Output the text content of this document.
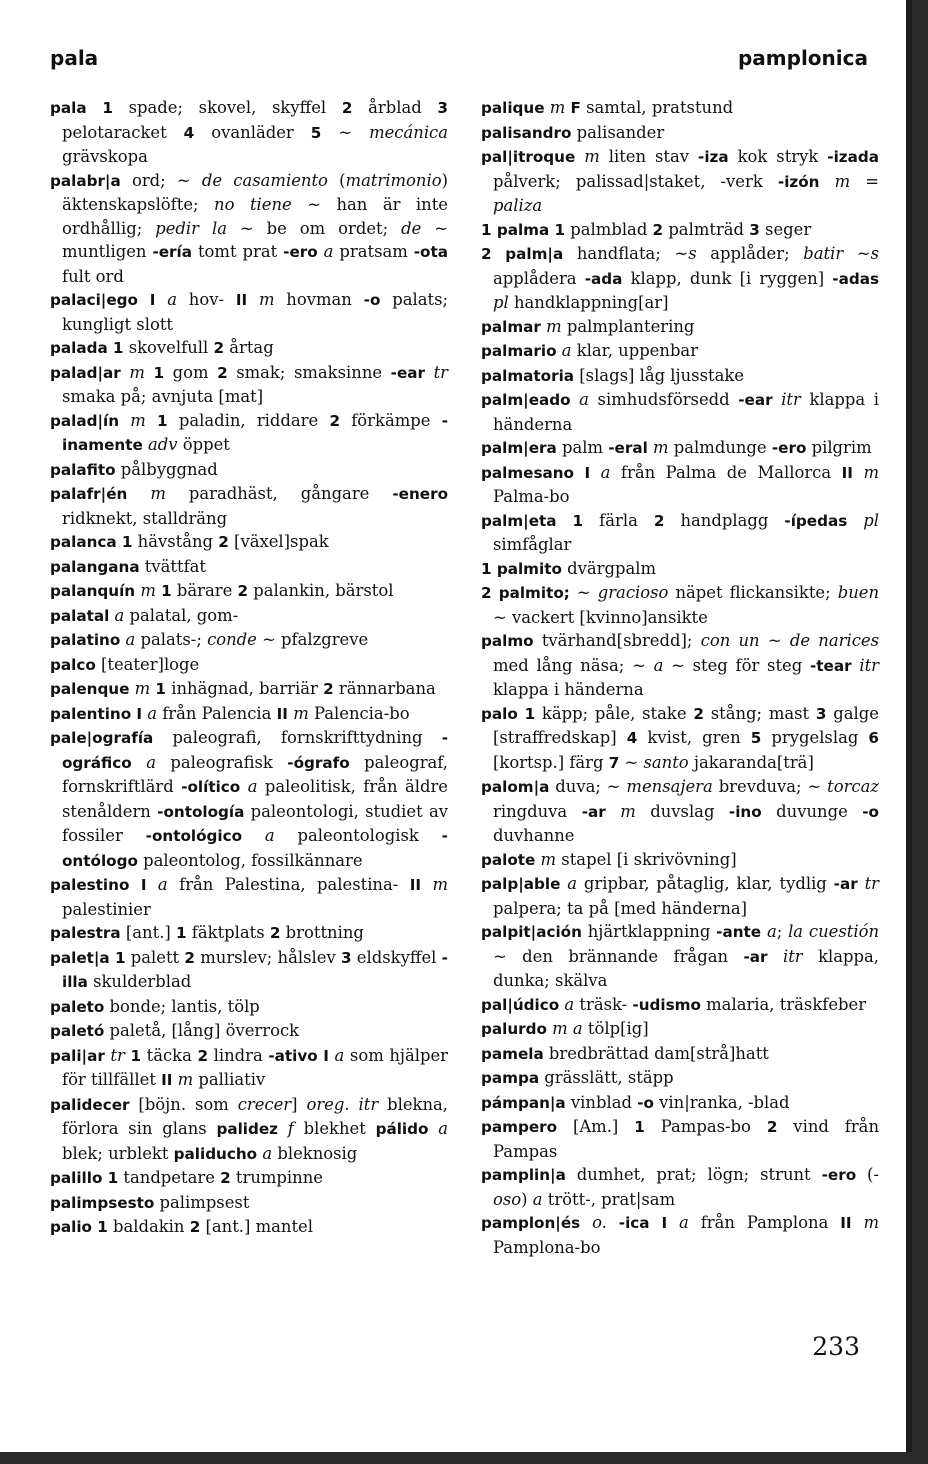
pala	pamplonica

pala 1 spade; skovel, skyffel 2 årblad 3 pelotaracket 4 ovanläder 5 ~ mecánica grävskopa

palabr|a ord; ~ de casamiento (matrimonio) äktenskapslöfte; no tiene ~ han är inte ordhållig; pedir la ~ be om ordet; de ~ muntligen -ería tomt prat -ero a pratsam -ota fult ord

palaci|ego I a hov- II m hovman -o palats; kungligt slott

palada 1 skovelfull 2 årtag

palad|ar m 1 gom 2 smak; smaksinne -ear tr smaka på; avnjuta [mat]

palad|ín m 1 paladin, riddare 2 förkämpe -inamente adv öppet

palafito pålbyggnad

palafr|én m paradhäst, gångare -enero ridknekt, stalldräng

palanca 1 hävstång 2 [växel]spak

palangana tvättfat

palanquín m 1 bärare 2 palankin, bärstol

palatal a palatal, gom-

palatino a palats-; conde ~ pfalzgreve

palco [teater]loge

palenque m 1 inhägnad, barriär 2 rännarbana

palentino I a från Palencia II m Palencia-bo

pale|ografía paleografi, fornskrifttydning -ográfico a paleografisk -ógrafo paleograf, fornskriftlärd -olítico a paleolitisk, från äldre stenåldern -ontología paleontologi, studiet av fossiler -ontológico a paleontologisk -ontólogo paleontolog, fossilkännare

palestino I a från Palestina, palestina- II m palestinier

palestra [ant.] 1 fäktplats 2 brottning

palet|a 1 palett 2 murslev; hålslev 3 eldskyffel -illa skulderblad

paleto bonde; lantis, tölp

paletó paletå, [lång] överrock

pali|ar tr 1 täcka 2 lindra -ativo I a som hjälper för tillfället II m palliativ

palidecer [böjn. som crecer] oreg. itr blekna, förlora sin glans palidez f blekhet pálido a blek; urblekt paliducho a bleknosig

palillo 1 tandpetare 2 trumpinne

palimpsesto palimpsest

palio 1 baldakin 2 [ant.] mantel

palique m F samtal, pratstund

palisandro palisander

pal|itroque m liten stav -iza kok stryk -izada pålverk; palissad|staket, -verk -izón m = paliza

1 palma 1 palmblad 2 palmträd 3 seger

2 palm|a handflata; ~s applåder; batir ~s applådera -ada klapp, dunk [i ryggen] -adas pl handklappning[ar]

palmar m palmplantering

palmario a klar, uppenbar

palmatoria [slags] låg ljusstake

palm|eado a simhudsförsedd -ear itr klappa i händerna

palm|era palm -eral m palmdunge -ero pilgrim

palmesano I a från Palma de Mallorca II m Palma-bo

palm|eta 1 färla 2 handplagg -ípedas pl simfåglar

1 palmito dvärgpalm

2 palmito; ~ gracioso näpet flickansikte; buen ~ vackert [kvinno]ansikte

palmo tvärhand[sbredd]; con un ~ de narices med lång näsa; ~ a ~ steg för steg -tear itr klappa i händerna

palo 1 käpp; påle, stake 2 stång; mast 3 galge [straffredskap] 4 kvist, gren 5 prygelslag 6 [kortsp.] färg 7 ~ santo jakaranda[trä]

palom|a duva; ~ mensajera brevduva; ~ torcaz ringduva -ar m duvslag -ino duvunge -o duvhanne

palote m stapel [i skrivövning]

palp|able a gripbar, påtaglig, klar, tydlig -ar tr palpera; ta på [med händerna]

palpit|ación hjärtklappning -ante a; la cuestión ~ den brännande frågan -ar itr klappa, dunka; skälva

pal|údico a träsk- -udismo malaria, träskfeber

palurdo m a tölp[ig]

pamela bredbrättad dam[strå]hatt

pampa grässlätt, stäpp

pámpan|a vinblad -o vin|ranka, -blad

pampero [Am.] 1 Pampas-bo 2 vind från Pampas

pamplin|a dumhet, prat; lögn; strunt -ero (-oso) a trött-, prat|sam

pamplon|és o. -ica I a från Pamplona II m Pamplona-bo

233
